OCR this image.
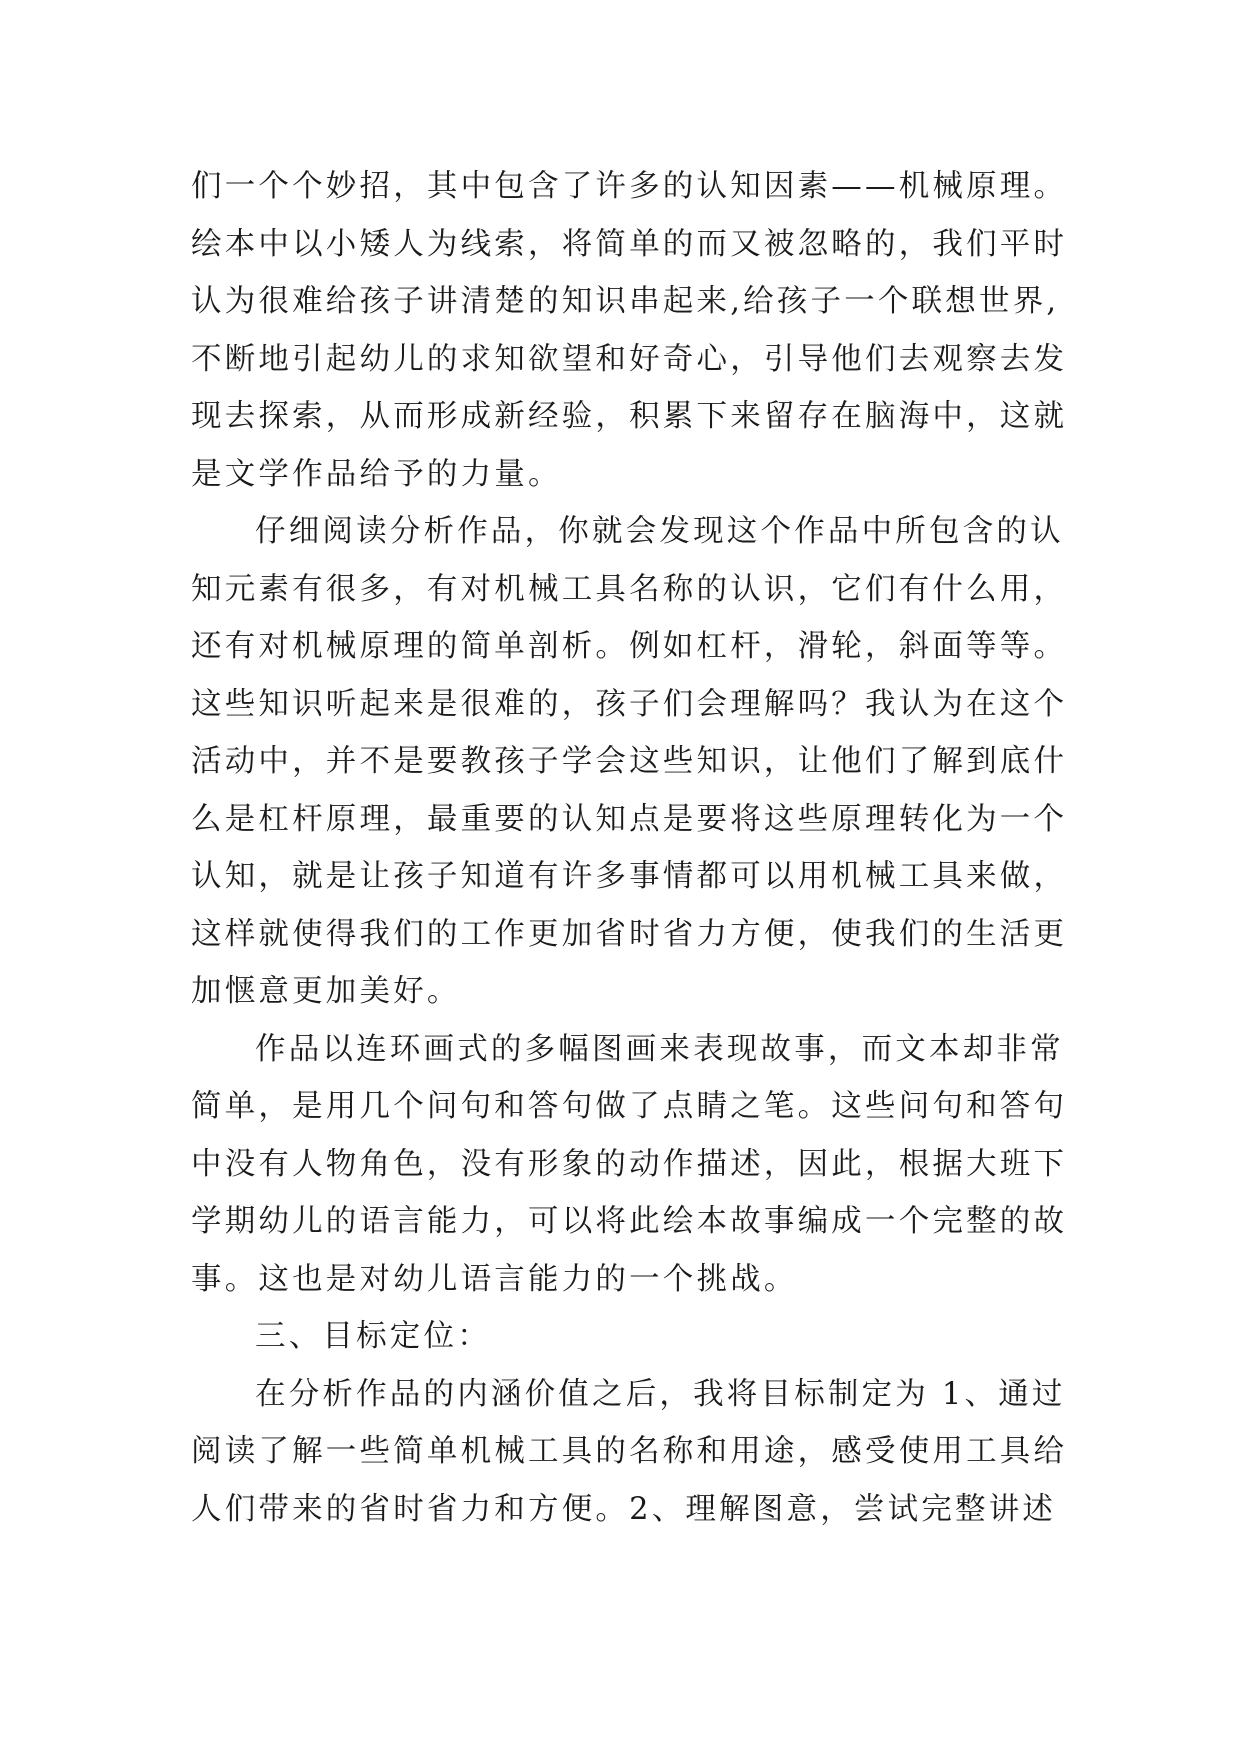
们一个个妙招，其中包含了许多的认知因素——机械原理。
绘本中以小矮人为线索，将简单的而又被忽略的，我们平时
认为很难给孩子讲清楚的知识串起来,给孩子一个联想世界,
不断地引起幼儿的求知欲望和好奇心，引导他们去观察去发
现去探索，从而形成新经验，积累下来留存在脑海中，这就
是文学作品给予的力量。
仔细阅读分析作品，你就会发现这个作品中所包含的认
知元素有很多，有对机械工具名称的认识，它们有什么用，
还有对机械原理的简单剖析。例如杠杆，滑轮，斜面等等。
这些知识听起来是很难的，孩子们会理解吗？我认为在这个
活动中，并不是要教孩子学会这些知识，让他们了解到底什
么是杠杆原理，最重要的认知点是要将这些原理转化为一个
认知，就是让孩子知道有许多事情都可以用机械工具来做，
这样就使得我们的工作更加省时省力方便，使我们的生活更
加惬意更加美好。
作品以连环画式的多幅图画来表现故事，而文本却非常
简单，是用几个问句和答句做了点睛之笔。这些问句和答句
中没有人物角色，没有形象的动作描述，因此，根据大班下
学期幼儿的语言能力，可以将此绘本故事编成一个完整的故
事。这也是对幼儿语言能力的一个挑战。
三、目标定位：
在分析作品的内涵价值之后，我将目标制定为 1、通过
阅读了解一些简单机械工具的名称和用途，感受使用工具给
人们带来的省时省力和方便。2、理解图意，尝试完整讲述
